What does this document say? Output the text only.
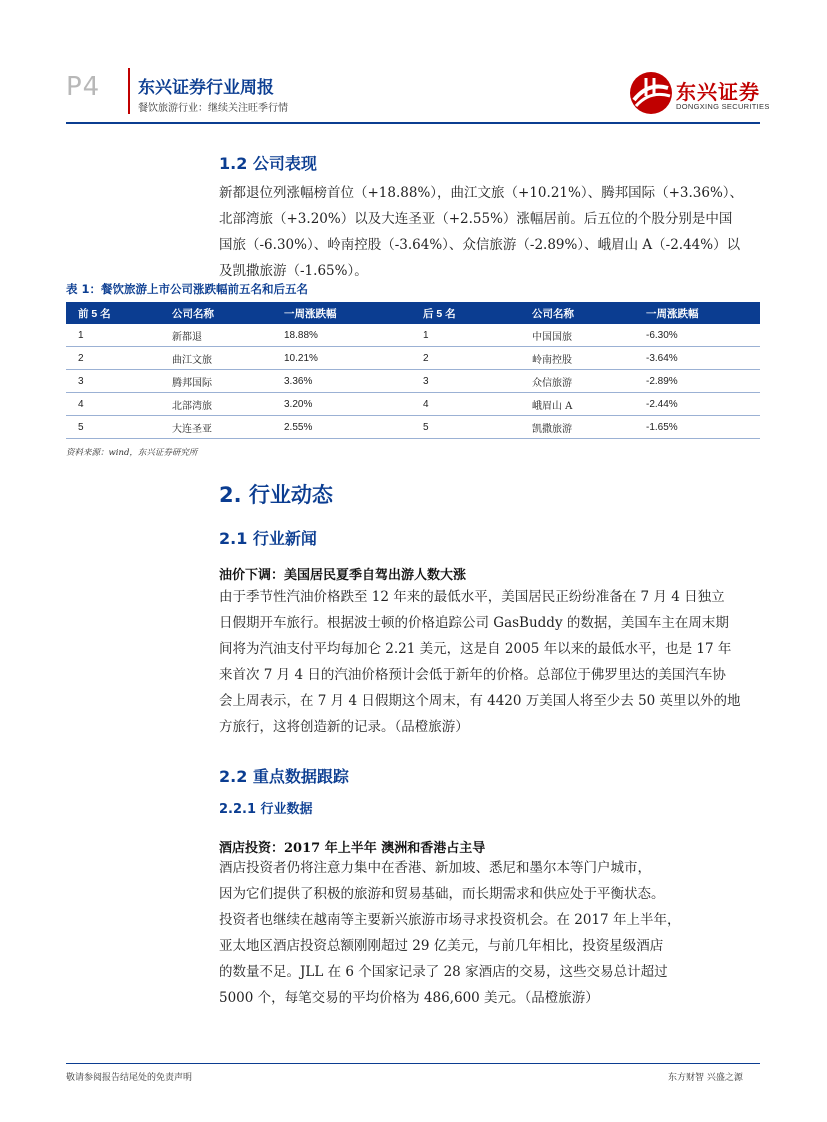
P4 东兴证券行业周报
餐饮旅游行业：继续关注旺季行情
东兴证券
DONGXING SECURITIES
1.2 公司表现
新都退位列涨幅榜首位（+18.88%），曲江文旅（+10.21%）、腾邦国际（+3.36%）、
北部湾旅（+3.20%）以及大连圣亚（+2.55%）涨幅居前。后五位的个股分别是中国
国旅（-6.30%）、岭南控股（-3.64%）、众信旅游（-2.89%）、峨眉山 A（-2.44%）以
及凯撒旅游（-1.65%）。
表 1：餐饮旅游上市公司涨跌幅前五名和后五名
前 5 名	公司名称	一周涨跌幅	后 5 名	公司名称	一周涨跌幅
1	新都退	18.88%	1	中国国旅	-6.30%
2	曲江文旅	10.21%	2	岭南控股	-3.64%
3	腾邦国际	3.36%	3	众信旅游	-2.89%
4	北部湾旅	3.20%	4	峨眉山 A	-2.44%
5	大连圣亚	2.55%	5	凯撒旅游	-1.65%
资料来源：wind，东兴证券研究所
2. 行业动态
2.1 行业新闻
油价下调：美国居民夏季自驾出游人数大涨
由于季节性汽油价格跌至 12 年来的最低水平，美国居民正纷纷准备在 7 月 4 日独立
日假期开车旅行。根据波士顿的价格追踪公司 GasBuddy 的数据，美国车主在周末期
间将为汽油支付平均每加仑 2.21 美元，这是自 2005 年以来的最低水平，也是 17 年
来首次 7 月 4 日的汽油价格预计会低于新年的价格。总部位于佛罗里达的美国汽车协
会上周表示，在 7 月 4 日假期这个周末，有 4420 万美国人将至少去 50 英里以外的地
方旅行，这将创造新的记录。（品橙旅游）
2.2 重点数据跟踪
2.2.1 行业数据
酒店投资：2017 年上半年 澳洲和香港占主导
酒店投资者仍将注意力集中在香港、新加坡、悉尼和墨尔本等门户城市，
因为它们提供了积极的旅游和贸易基础，而长期需求和供应处于平衡状态。
投资者也继续在越南等主要新兴旅游市场寻求投资机会。在 2017 年上半年，
亚太地区酒店投资总额刚刚超过 29 亿美元，与前几年相比，投资星级酒店
的数量不足。JLL 在 6 个国家记录了 28 家酒店的交易，这些交易总计超过
5000 个，每笔交易的平均价格为 486,600 美元。（品橙旅游）
敬请参阅报告结尾处的免责声明	东方财智 兴盛之源
